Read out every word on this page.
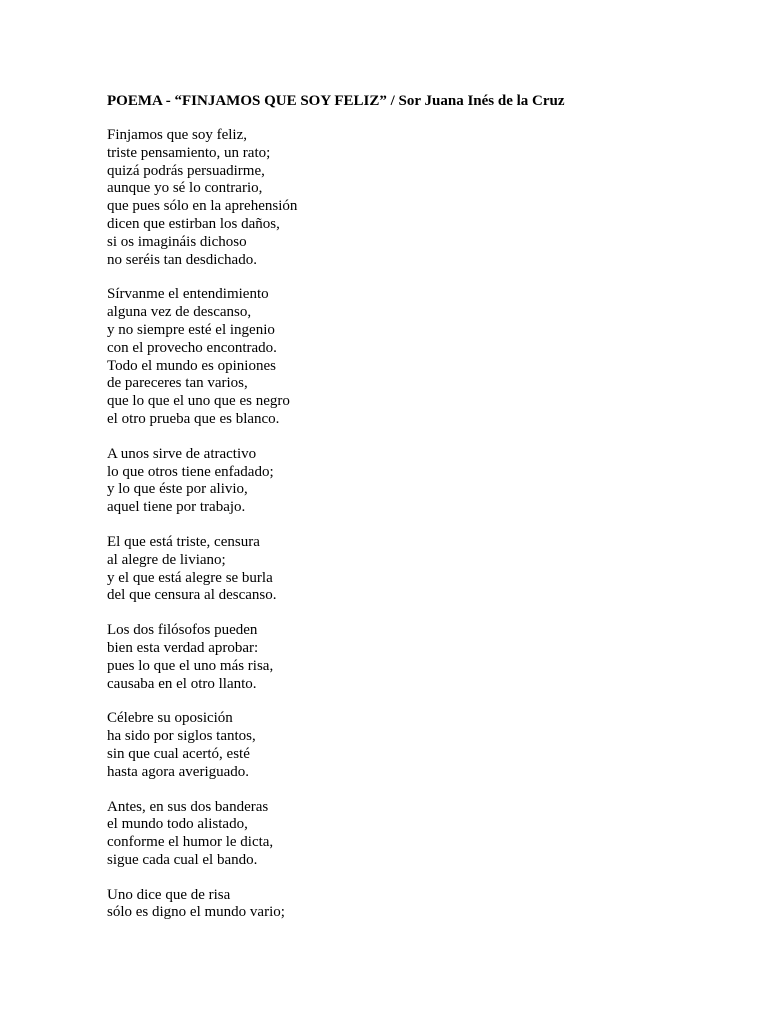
POEMA - “FINJAMOS QUE SOY FELIZ” / Sor Juana Inés de la Cruz
Finjamos que soy feliz,
triste pensamiento, un rato;
quizá podrás persuadirme,
aunque yo sé lo contrario,
que pues sólo en la aprehensión
dicen que estirban los daños,
si os imagináis dichoso
no seréis tan desdichado.
Sírvanme el entendimiento
alguna vez de descanso,
y no siempre esté el ingenio
con el provecho encontrado.
Todo el mundo es opiniones
de pareceres tan varios,
que lo que el uno que es negro
el otro prueba que es blanco.
A unos sirve de atractivo
lo que otros tiene enfadado;
y lo que éste por alivio,
aquel tiene por trabajo.
El que está triste, censura
al alegre de liviano;
y el que está alegre se burla
del que censura al descanso.
Los dos filósofos pueden
bien esta verdad aprobar:
pues lo que el uno más risa,
causaba en el otro llanto.
Célebre su oposición
ha sido por siglos tantos,
sin que cual acertó, esté
hasta agora averiguado.
Antes, en sus dos banderas
el mundo todo alistado,
conforme el humor le dicta,
sigue cada cual el bando.
Uno dice que de risa
sólo es digno el mundo vario;
